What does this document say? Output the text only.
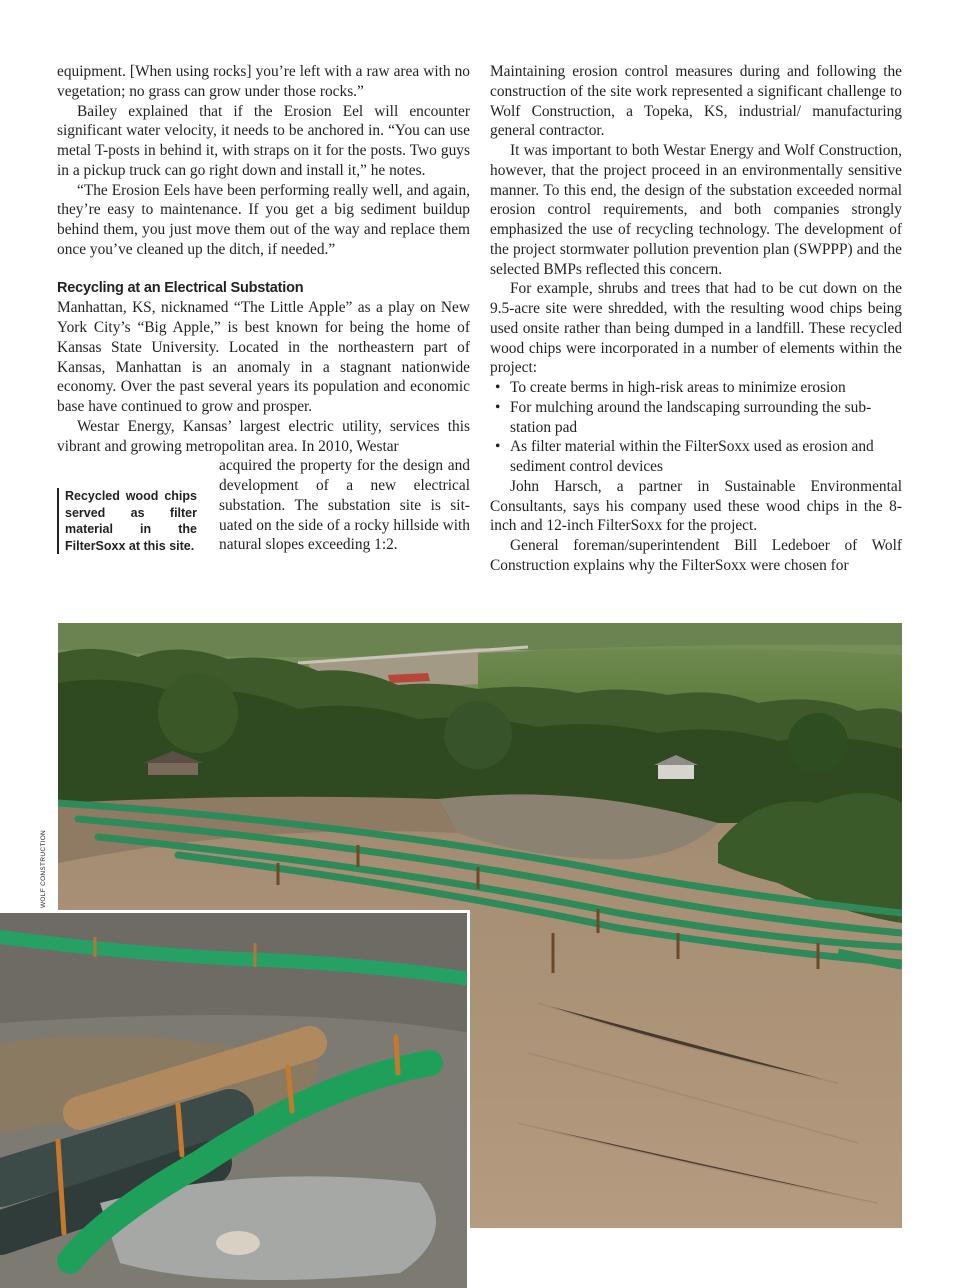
equipment. [When using rocks] you’re left with a raw area with no vegetation; no grass can grow under those rocks.”

Bailey explained that if the Erosion Eel will encounter significant water velocity, it needs to be anchored in. “You can use metal T-posts in behind it, with straps on it for the posts. Two guys in a pickup truck can go right down and install it,” he notes.

“The Erosion Eels have been performing really well, and again, they’re easy to maintenance. If you get a big sediment buildup behind them, you just move them out of the way and replace them once you’ve cleaned up the ditch, if needed.”

Recycling at an Electrical Substation

Manhattan, KS, nicknamed “The Little Apple” as a play on New York City’s “Big Apple,” is best known for being the home of Kansas State University. Located in the northeastern part of Kansas, Manhattan is an anomaly in a stagnant nationwide economy. Over the past several years its population and economic base have continued to grow and prosper.

Westar Energy, Kansas’ largest electric utility, services this vibrant and growing metropolitan area. In 2010, Westar

Recycled wood chips served as filter material in the FilterSoxx at this site.
acquired the property for the design and development of a new electrical substation. The substation site is situated on the side of a rocky hillside with natural slopes exceeding 1:2.

Maintaining erosion control measures during and following the construction of the site work represented a significant challenge to Wolf Construction, a Topeka, KS, industrial/ manufacturing general contractor.

It was important to both Westar Energy and Wolf Construction, however, that the project proceed in an environmentally sensitive manner. To this end, the design of the substation exceeded normal erosion control requirements, and both companies strongly emphasized the use of recycling technology. The development of the project stormwater pollution prevention plan (SWPPP) and the selected BMPs reflected this concern.

For example, shrubs and trees that had to be cut down on the 9.5-acre site were shredded, with the resulting wood chips being used onsite rather than being dumped in a landfill. These recycled wood chips were incorporated in a number of elements within the project:

• To create berms in high-risk areas to minimize erosion
• For mulching around the landscaping surrounding the substation pad
• As filter material within the FilterSoxx used as erosion and sediment control devices

John Harsch, a partner in Sustainable Environmental Consultants, says his company used these wood chips in the 8-inch and 12-inch FilterSoxx for the project.

General foreman/superintendent Bill Ledeboer of Wolf Construction explains why the FilterSoxx were chosen for

WOLF CONSTRUCTION
